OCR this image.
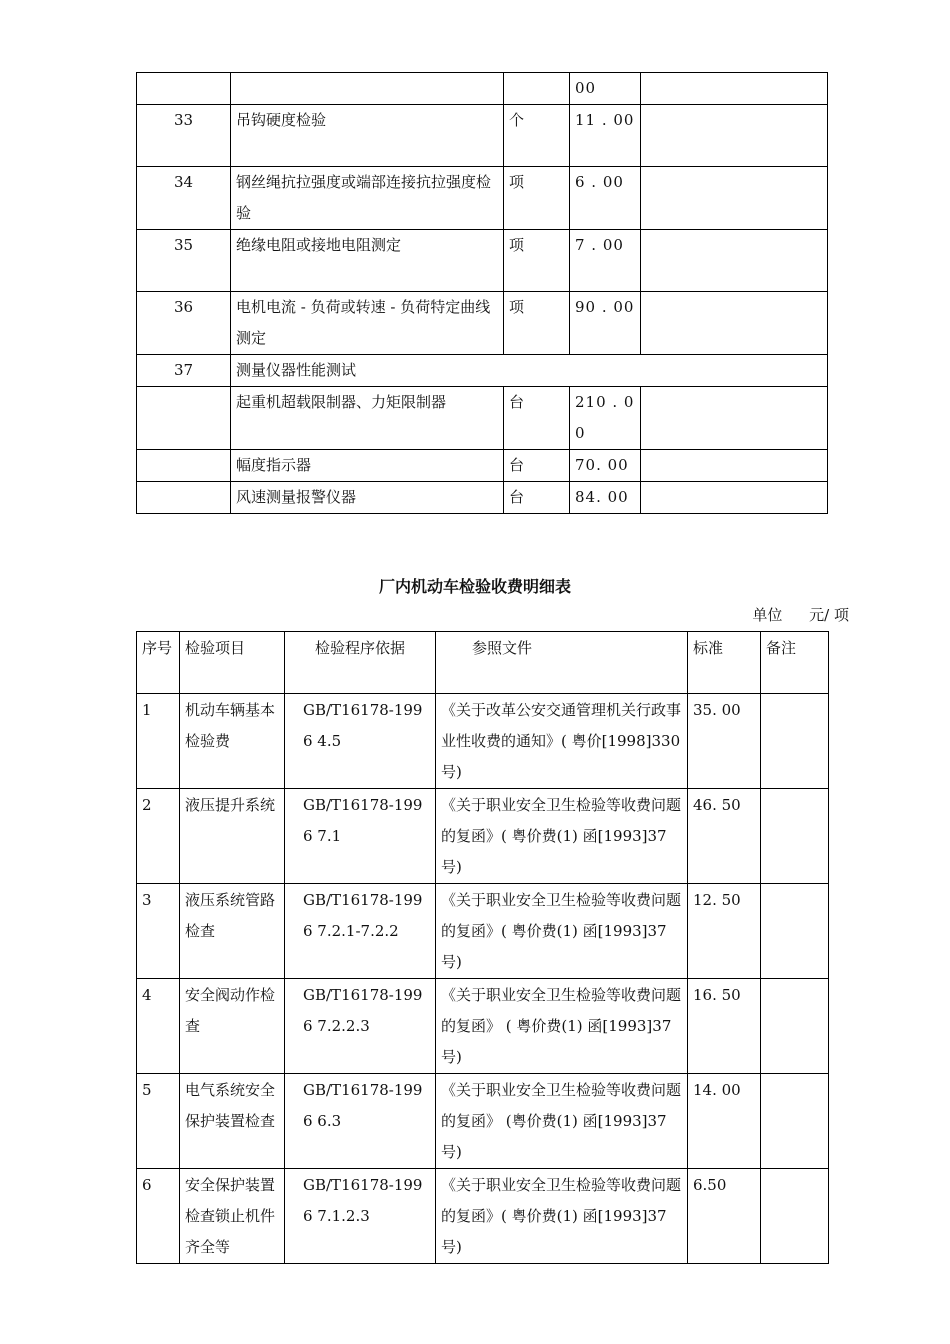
			00	
33	吊钩硬度检验	个	11 . 00	
34	钢丝绳抗拉强度或端部连接抗拉强度检验	项	6 . 00	
35	绝缘电阻或接地电阻测定	项	7 . 00	
36	电机电流 - 负荷或转速 - 负荷特定曲线测定	项	90 . 00	
37	测量仪器性能测试			
	起重机超载限制器、力矩限制器	台	210 . 00	
	幅度指示器	台	70. 00	
	风速测量报警仪器	台	84. 00	
厂内机动车检验收费明细表
单位 元/ 项
序号	检验项目	检验程序依据	参照文件	标准	备注
1	机动车辆基本检验费	GB/T16178-1996 4.5	《关于改革公安交通管理机关行政事业性收费的通知》( 粤价[1998]330 号)	35. 00	
2	液压提升系统	GB/T16178-1996 7.1	《关于职业安全卫生检验等收费问题的复函》( 粤价费(1) 函[1993]37号)	46. 50	
3	液压系统管路检查	GB/T16178-1996 7.2.1-7.2.2	《关于职业安全卫生检验等收费问题的复函》( 粤价费(1) 函[1993]37号)	12. 50	
4	安全阀动作检查	GB/T16178-1996 7.2.2.3	《关于职业安全卫生检验等收费问题的复函》 ( 粤价费(1) 函[1993]37号)	16. 50	
5	电气系统安全保护装置检查	GB/T16178-1996 6.3	《关于职业安全卫生检验等收费问题的复函》 (粤价费(1) 函[1993]37号)	14. 00	
6	安全保护装置检查锁止机件齐全等	GB/T16178-1996 7.1.2.3	《关于职业安全卫生检验等收费问题的复函》( 粤价费(1) 函[1993]37号)	6.50	
